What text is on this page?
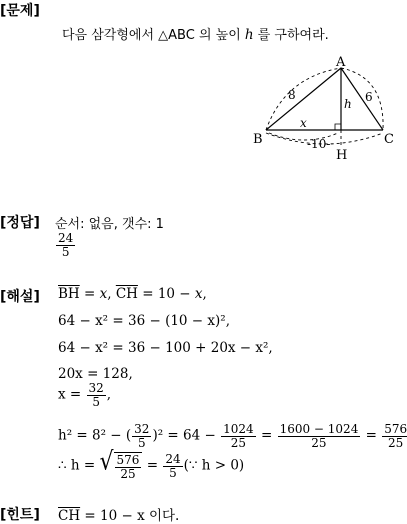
[문제]
다음 삼각형에서 △ABC 의 높이 h 를 구하여라.
A
B	C
H
8	6
h
x
-10-
[정답] 순서: 없음, 갯수: 1
$\frac{24}{5}$
[해설] $\overline{BH} = x$, $\overline{CH} = 10 - x$,
64 − x² = 36 − (10 − x)²,
64 − x² = 36 − 100 + 20x − x²,
20x = 128,
$x = \frac{32}{5}$ ,
h² = 8² − ( $\frac{32}{5} )^2 = 64 - \frac{1024}{25} = \frac{1600 - 1024}{25} = \frac{576}{25}$
∴ h = √ $\frac{576}{25} = \frac{24}{5}$ (∵ h > 0)
[힌트] $\overline{CH} = 10 - x$ 이다.
